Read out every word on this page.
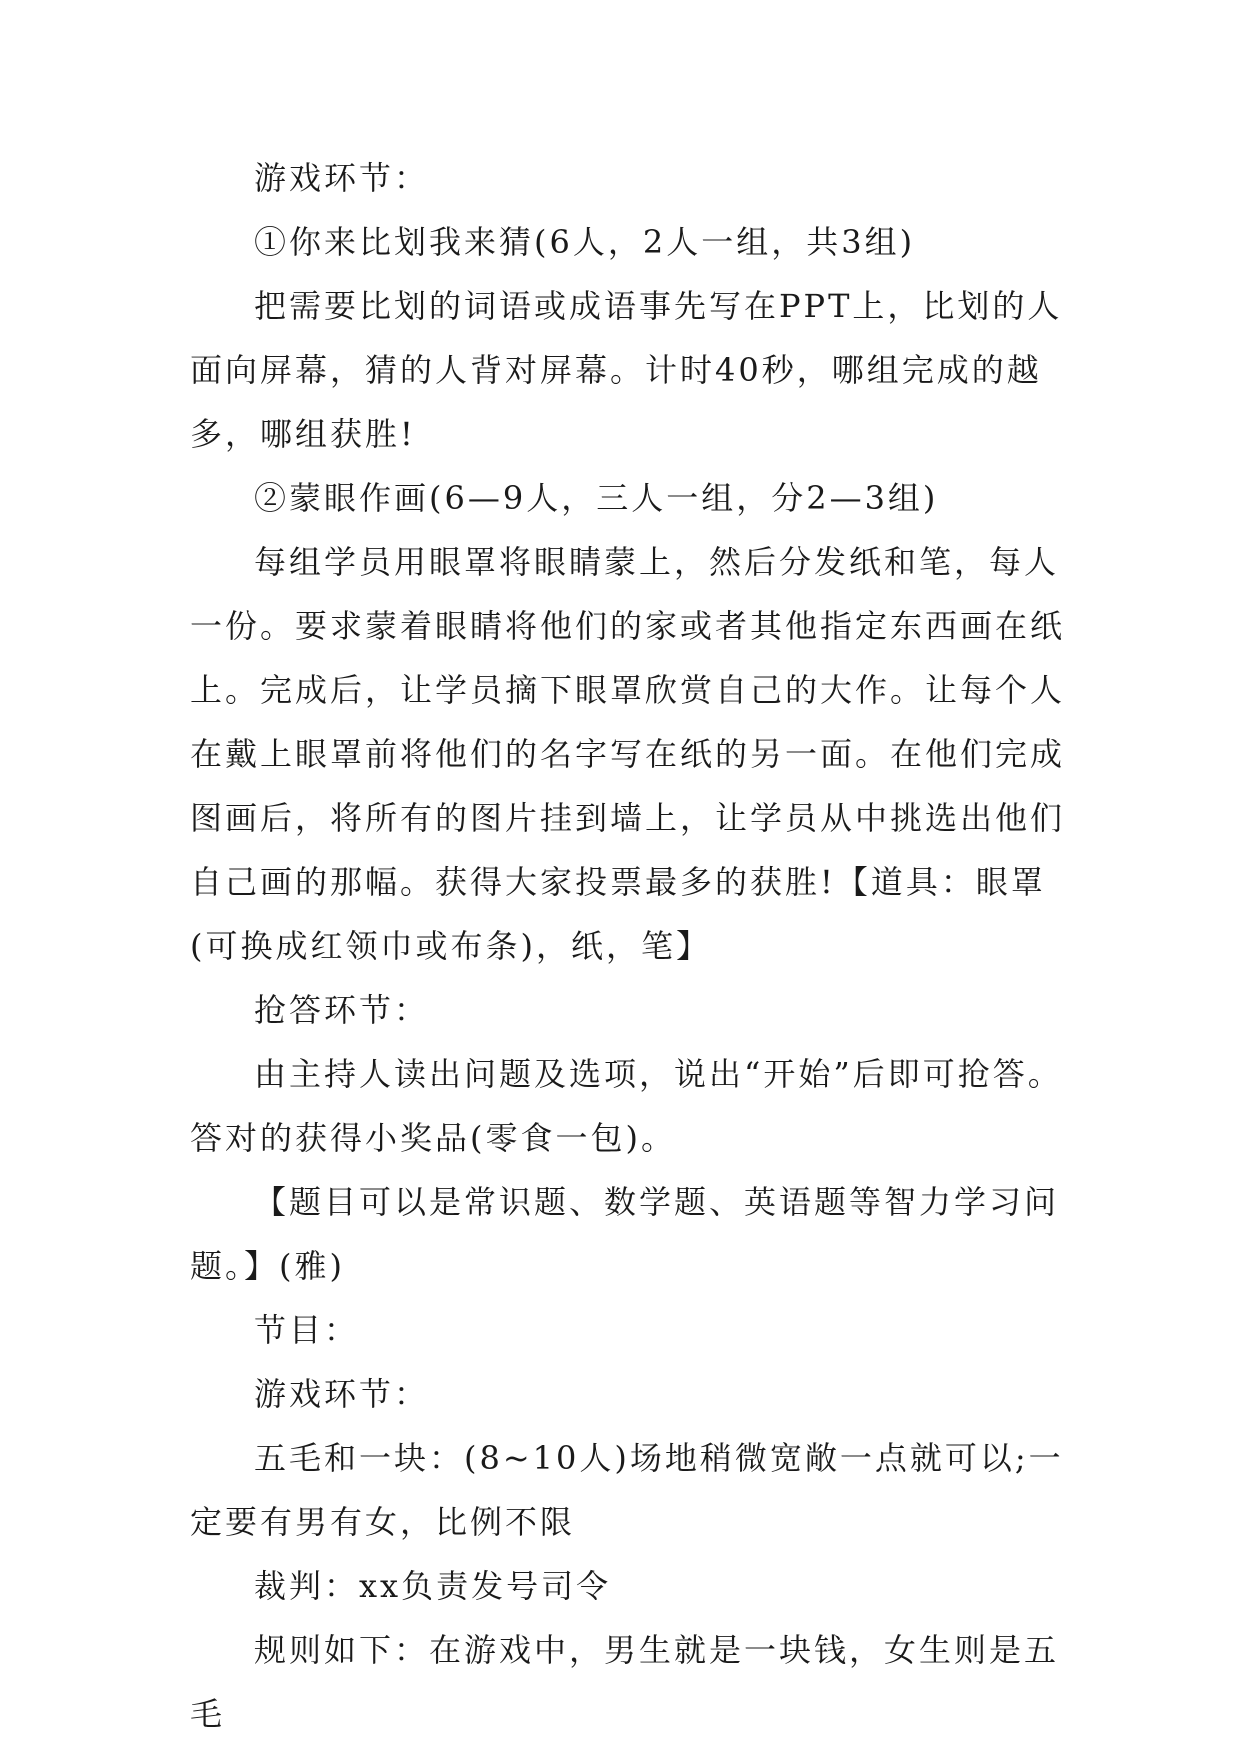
游戏环节：

①你来比划我来猜(6人，2人一组，共3组)

把需要比划的词语或成语事先写在PPT上，比划的人面向屏幕，猜的人背对屏幕。计时40秒，哪组完成的越多，哪组获胜!

②蒙眼作画(6—9人，三人一组，分2—3组)

每组学员用眼罩将眼睛蒙上，然后分发纸和笔，每人一份。要求蒙着眼睛将他们的家或者其他指定东西画在纸上。完成后，让学员摘下眼罩欣赏自己的大作。让每个人在戴上眼罩前将他们的名字写在纸的另一面。在他们完成图画后，将所有的图片挂到墙上，让学员从中挑选出他们自己画的那幅。获得大家投票最多的获胜!【道具：眼罩(可换成红领巾或布条)，纸，笔】

抢答环节：

由主持人读出问题及选项，说出“开始”后即可抢答。答对的获得小奖品(零食一包)。

【题目可以是常识题、数学题、英语题等智力学习问题。】(雅)

节目：

游戏环节：

五毛和一块：(8~10人)场地稍微宽敞一点就可以;一定要有男有女，比例不限

裁判：xx负责发号司令

规则如下：在游戏中，男生就是一块钱，女生则是五毛
